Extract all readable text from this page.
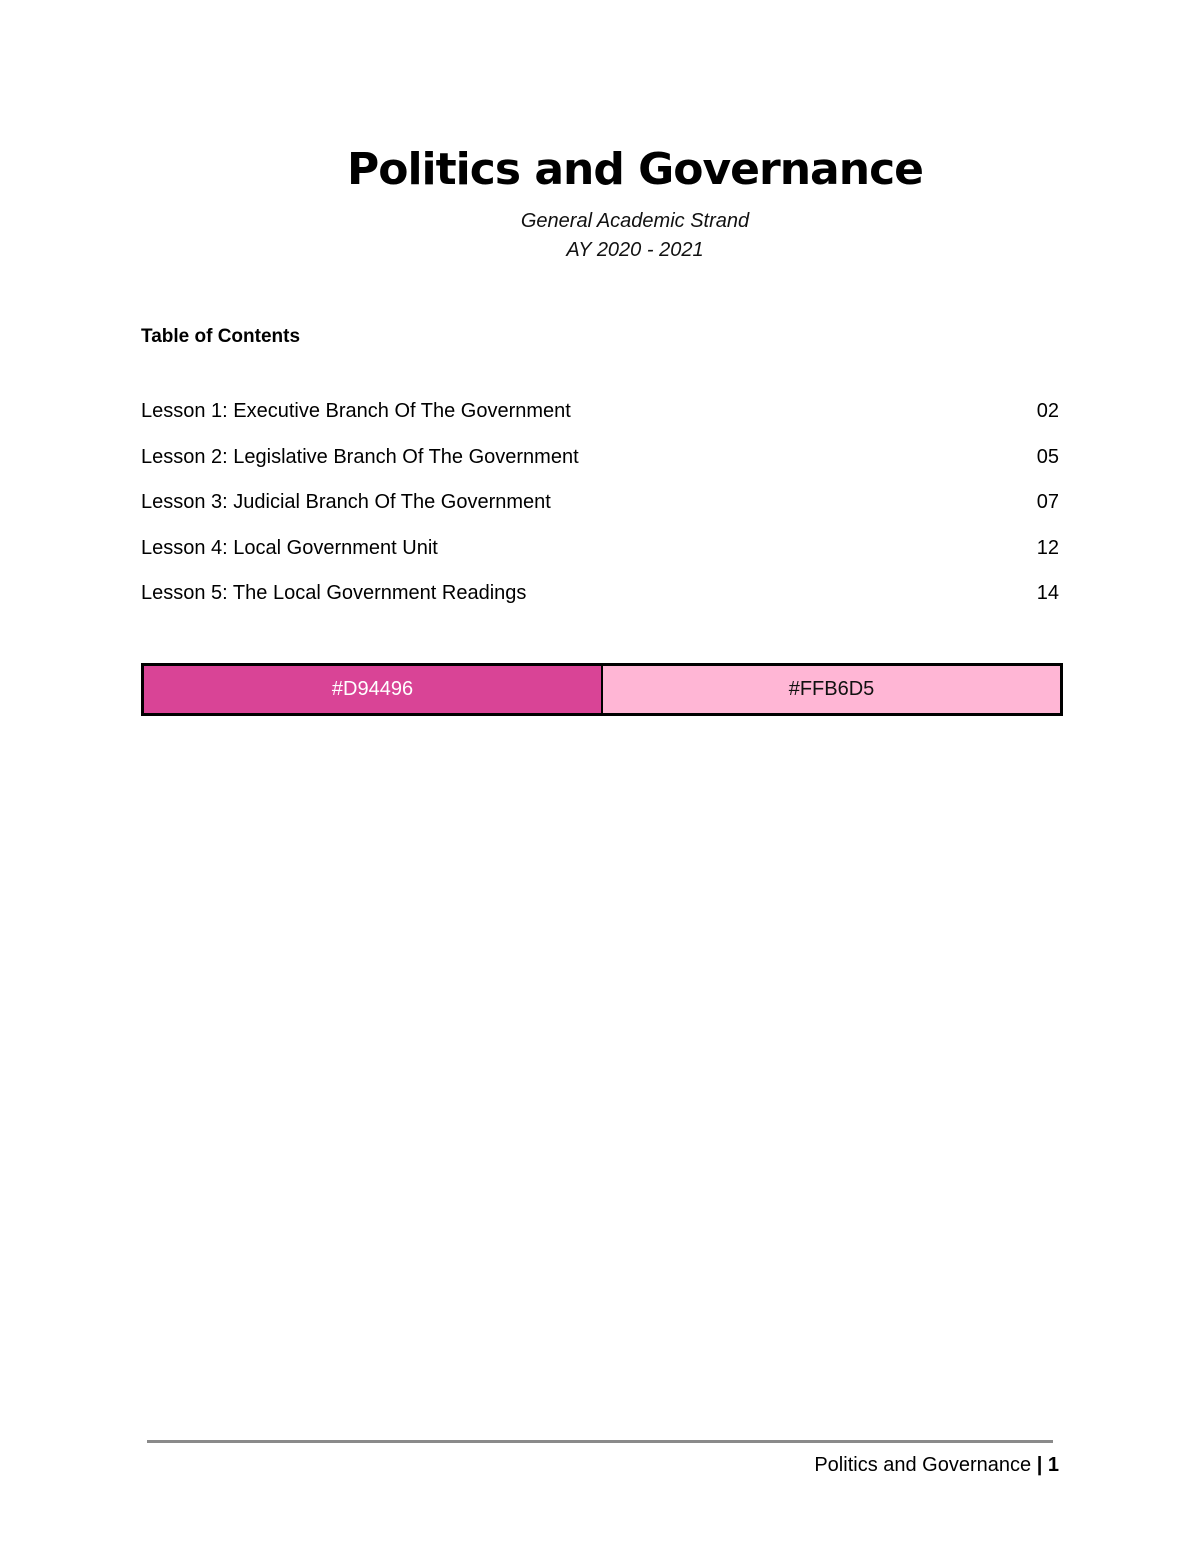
Politics and Governance
General Academic Strand
AY 2020 - 2021
Table of Contents
Lesson 1: Executive Branch Of The Government	02
Lesson 2: Legislative Branch Of The Government	05
Lesson 3: Judicial Branch Of The Government	07
Lesson 4: Local Government Unit	12
Lesson 5: The Local Government Readings	14
#D94496	#FFB6D5
Politics and Governance | 1
